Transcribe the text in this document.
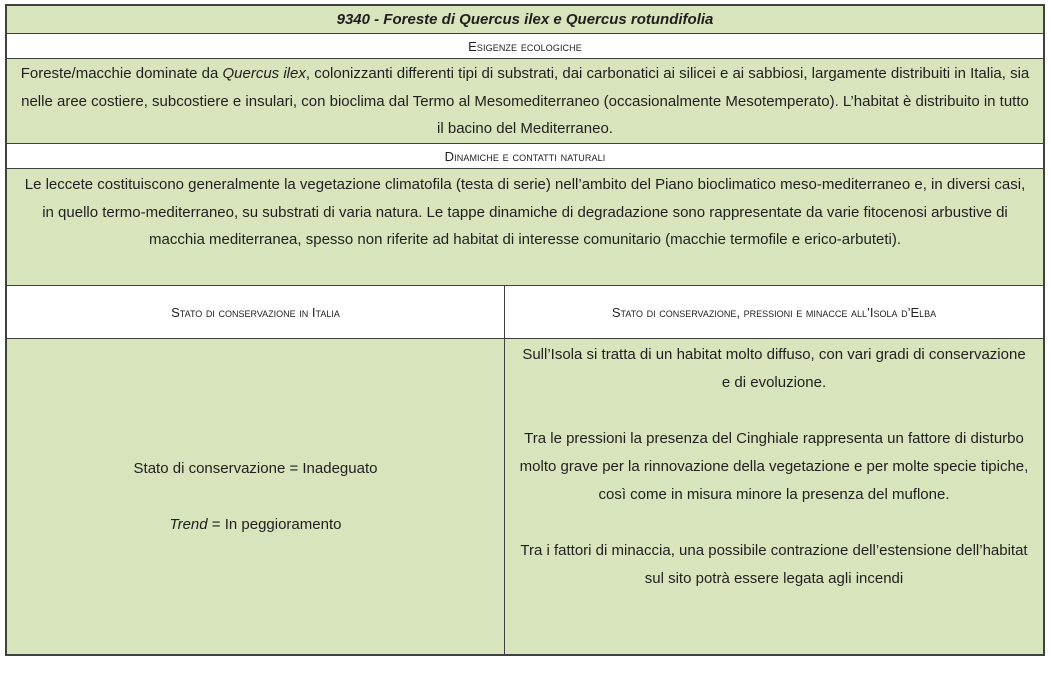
9340 - Foreste di Quercus ilex e Quercus rotundifolia
Esigenze ecologiche
Foreste/macchie dominate da Quercus ilex, colonizzanti differenti tipi di substrati, dai carbonatici ai silicei e ai sabbiosi, largamente distribuiti in Italia, sia nelle aree costiere, subcostiere e insulari, con bioclima dal Termo al Mesomediterraneo (occasionalmente Mesotemperato). L’habitat è distribuito in tutto il bacino del Mediterraneo.
Dinamiche e contatti naturali
Le leccete costituiscono generalmente la vegetazione climatofila (testa di serie) nell’ambito del Piano bioclimatico meso-mediterraneo e, in diversi casi, in quello termo-mediterraneo, su substrati di varia natura. Le tappe dinamiche di degradazione sono rappresentate da varie fitocenosi arbustive di macchia mediterranea, spesso non riferite ad habitat di interesse comunitario (macchie termofile e erico-arbuteti).
Stato di conservazione in Italia	Stato di conservazione, pressioni e minacce all’Isola d’Elba

Stato di conservazione = Inadeguato

Trend = In peggioramento

Sull’Isola si tratta di un habitat molto diffuso, con vari gradi di conservazione e di evoluzione.

Tra le pressioni la presenza del Cinghiale rappresenta un fattore di disturbo molto grave per la rinnovazione della vegetazione e per molte specie tipiche, così come in misura minore la presenza del muflone.

Tra i fattori di minaccia, una possibile contrazione dell’estensione dell’habitat sul sito potrà essere legata agli incendi
